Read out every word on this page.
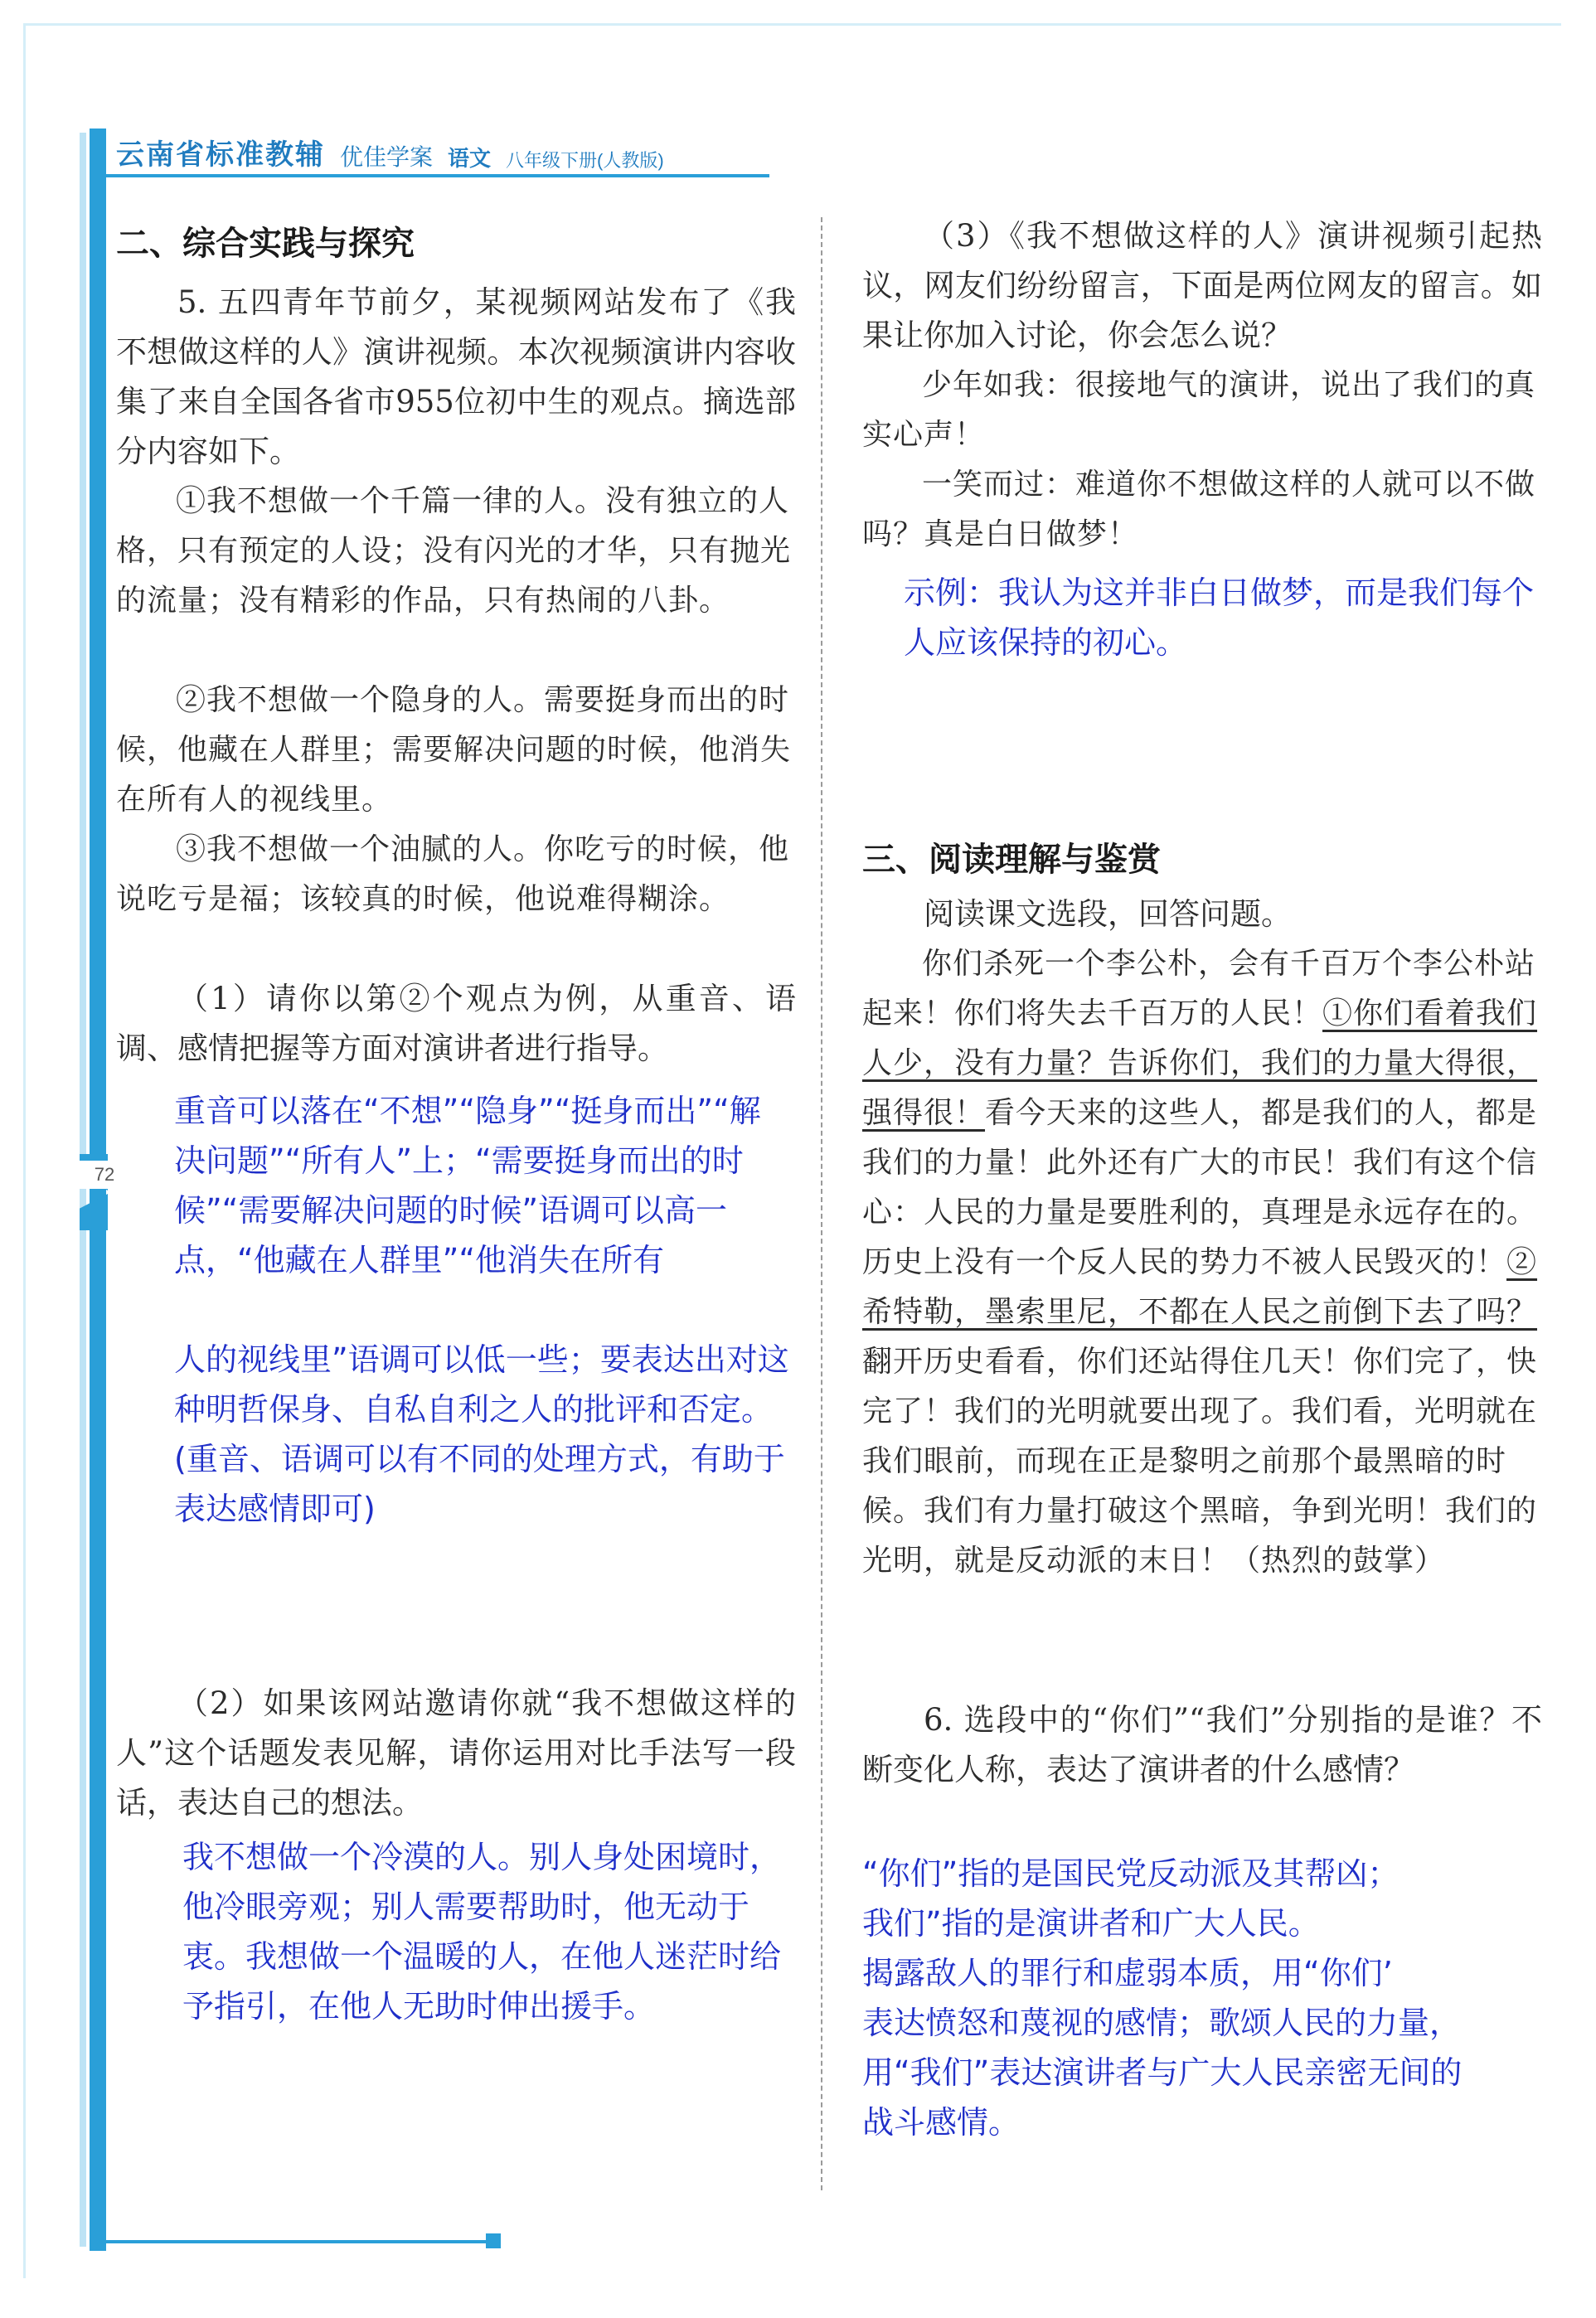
72
云南省标准教辅 优佳学案 语文 八年级下册(人教版)

二、综合实践与探究

5. 五四青年节前夕，某视频网站发布了《我不想做这样的人》演讲视频。本次视频演讲内容收集了来自全国各省市955位初中生的观点。摘选部分内容如下。

①我不想做一个千篇一律的人。没有独立的人格，只有预定的人设；没有闪光的才华，只有抛光的流量；没有精彩的作品，只有热闹的八卦。

②我不想做一个隐身的人。需要挺身而出的时候，他藏在人群里；需要解决问题的时候，他消失在所有人的视线里。

③我不想做一个油腻的人。你吃亏的时候，他说吃亏是福；该较真的时候，他说难得糊涂。

（1）请你以第②个观点为例，从重音、语调、感情把握等方面对演讲者进行指导。

重音可以落在“不想”“隐身”“挺身而出”“解决问题”“所有人”上；“需要挺身而出的时候”“需要解决问题的时候”语调可以高一点，“他藏在人群里”“他消失在所有

人的视线里”语调可以低一些；要表达出对这种明哲保身、自私自利之人的批评和否定。(重音、语调可以有不同的处理方式，有助于表达感情即可)

（2）如果该网站邀请你就“我不想做这样的人”这个话题发表见解，请你运用对比手法写一段话，表达自己的想法。

我不想做一个冷漠的人。别人身处困境时，他冷眼旁观；别人需要帮助时，他无动于衷。我想做一个温暖的人，在他人迷茫时给予指引，在他人无助时伸出援手。

（3）《我不想做这样的人》演讲视频引起热议，网友们纷纷留言，下面是两位网友的留言。如果让你加入讨论，你会怎么说？

少年如我：很接地气的演讲，说出了我们的真实心声！

一笑而过：难道你不想做这样的人就可以不做吗？真是白日做梦！

示例：我认为这并非白日做梦，而是我们每个人应该保持的初心。

三、阅读理解与鉴赏

阅读课文选段，回答问题。

你们杀死一个李公朴，会有千百万个李公朴站起来！你们将失去千百万的人民！①你们看着我们人少，没有力量？告诉你们，我们的力量大得很，强得很！看今天来的这些人，都是我们的人，都是我们的力量！此外还有广大的市民！我们有这个信心：人民的力量是要胜利的，真理是永远存在的。历史上没有一个反人民的势力不被人民毁灭的！②希特勒，墨索里尼，不都在人民之前倒下去了吗？翻开历史看看，你们还站得住几天！你们完了，快完了！我们的光明就要出现了。我们看，光明就在我们眼前，而现在正是黎明之前那个最黑暗的时候。我们有力量打破这个黑暗，争到光明！我们的光明，就是反动派的末日！（热烈的鼓掌）

6. 选段中的“你们”“我们”分别指的是谁？不断变化人称，表达了演讲者的什么感情？

“你们”指的是国民党反动派及其帮凶；

我们”指的是演讲者和广大人民。

揭露敌人的罪行和虚弱本质，用“你们’

表达愤怒和蔑视的感情；歌颂人民的力量，用“我们”表达演讲者与广大人民亲密无间的战斗感情。
